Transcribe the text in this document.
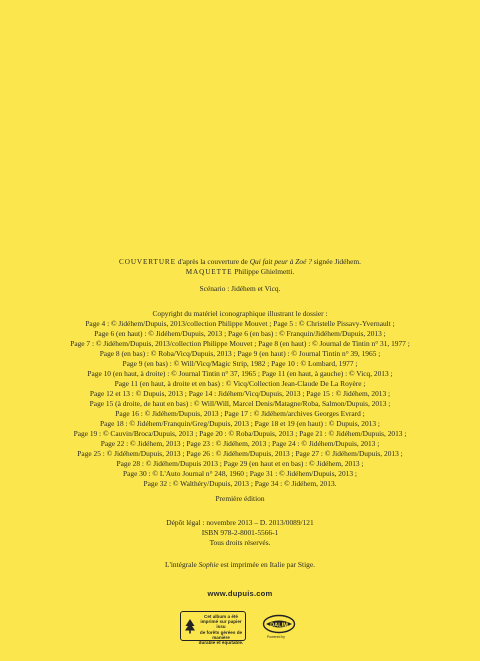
COUVERTURE d'après la couverture de Qui fait peur à Zoé ? signée Jidéhem.
MAQUETTE Philippe Ghielmetti.
Scénario : Jidéhem et Vicq.
Copyright du matériel iconographique illustrant le dossier :
Page 4 : © Jidéhem/Dupuis, 2013/collection Philippe Mouvet ; Page 5 : © Christelle Pissavy-Yvernault ;
Page 6 (en haut) : © Jidéhem/Dupuis, 2013 ; Page 6 (en bas) : © Franquin/Jidéhem/Dupuis, 2013 ;
Page 7 : © Jidéhem/Dupuis, 2013/collection Philippe Mouvet ; Page 8 (en haut) : © Journal de Tintin n° 31, 1977 ;
Page 8 (en bas) : © Roba/Vicq/Dupuis, 2013 ; Page 9 (en haut) : © Journal Tintin n° 39, 1965 ;
Page 9 (en bas) : © Will/Vicq/Magic Strip, 1982 ; Page 10 : © Lombard, 1977 ;
Page 10 (en haut, à droite) : © Journal Tintin n° 37, 1965 ; Page 11 (en haut, à gauche) : © Vicq, 2013 ;
Page 11 (en haut, à droite et en bas) : © Vicq/Collection Jean-Claude De La Royère ;
Page 12 et 13 : © Dupuis, 2013 ; Page 14 : Jidéhem/Vicq/Dupuis, 2013 ; Page 15 : © Jidéhem, 2013 ;
Page 15 (à droite, de haut en bas) : © Will/Will, Marcel Denis/Matagne/Roba, Salmon/Dupuis, 2013 ;
Page 16 : © Jidéhem/Dupuis, 2013 ; Page 17 : © Jidéhem/archives Georges Evrard ;
Page 18 : © Jidéhem/Franquin/Greg/Dupuis, 2013 ; Page 18 et 19 (en haut) : © Dupuis, 2013 ;
Page 19 : © Cauvin/Broca/Dupuis, 2013 ; Page 20 : © Roba/Dupuis, 2013 ; Page 21 : © Jidéhem/Dupuis, 2013 ;
Page 22 : © Jidéhem, 2013 ; Page 23 : © Jidéhem, 2013 ; Page 24 : © Jidéhem/Dupuis, 2013 ;
Page 25 : © Jidéhem/Dupuis, 2013 ; Page 26 : © Jidéhem/Dupuis, 2013 ; Page 27 : © Jidéhem/Dupuis, 2013 ;
Page 28 : © Jidéhem/Dupuis 2013 ; Page 29 (en haut et en bas) : © Jidéhem, 2013 ;
Page 30 : © L'Auto Journal n° 248, 1960 ; Page 31 : © Jidéhem/Dupuis, 2013 ;
Page 32 : © Walthéry/Dupuis, 2013 ; Page 34 : © Jidéhem, 2013.
Première édition
Dépôt légal : novembre 2013 – D. 2013/0089/121
ISBN 978-2-8001-5566-1
Tous droits réservés.
L'intégrale Sophie est imprimée en Italie par Stige.
www.dupuis.com
Cet album a été
imprimé sur papier issu
de forêts gérées de
manière
durable et équitable.
DALIM
Powered by
